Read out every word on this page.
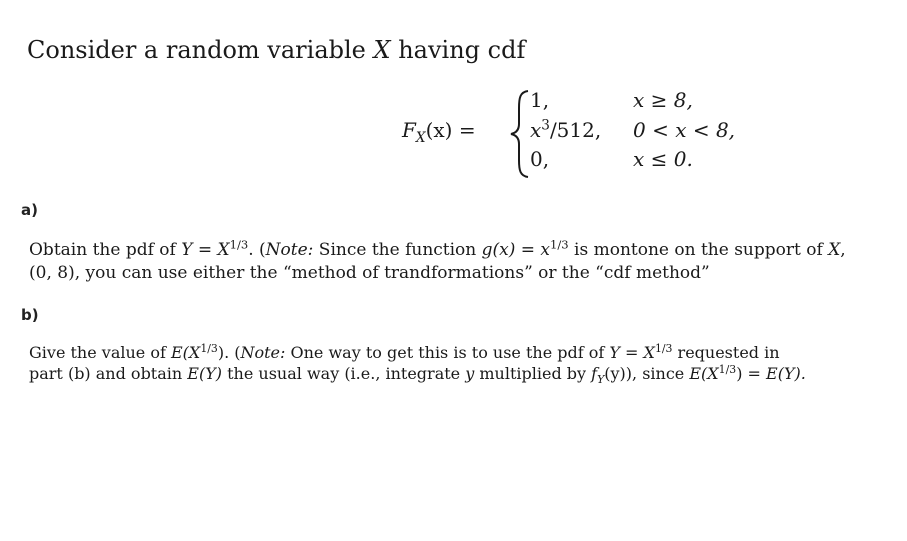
Consider a random variable X having cdf
$F_X(x)$ =
1,	x ≥ 8,
$x^3/512$, 0 < x < 8,
0,	x ≤ 0.
a)
Obtain the pdf of $Y = X^{1/3}$. (Note: Since the function $g(x) = x^{1/3}$ is montone on the support of X,
(0, 8), you can use either the “method of trandformations” or the “cdf method”
b)
Give the value of $E(X^{1/3})$. (Note: One way to get this is to use the pdf of $Y = X^{1/3}$ requested in
part (b) and obtain E(Y) the usual way (i.e., integrate y multiplied by $f_Y(y)$), since $E(X^{1/3}) = E(Y)$.
